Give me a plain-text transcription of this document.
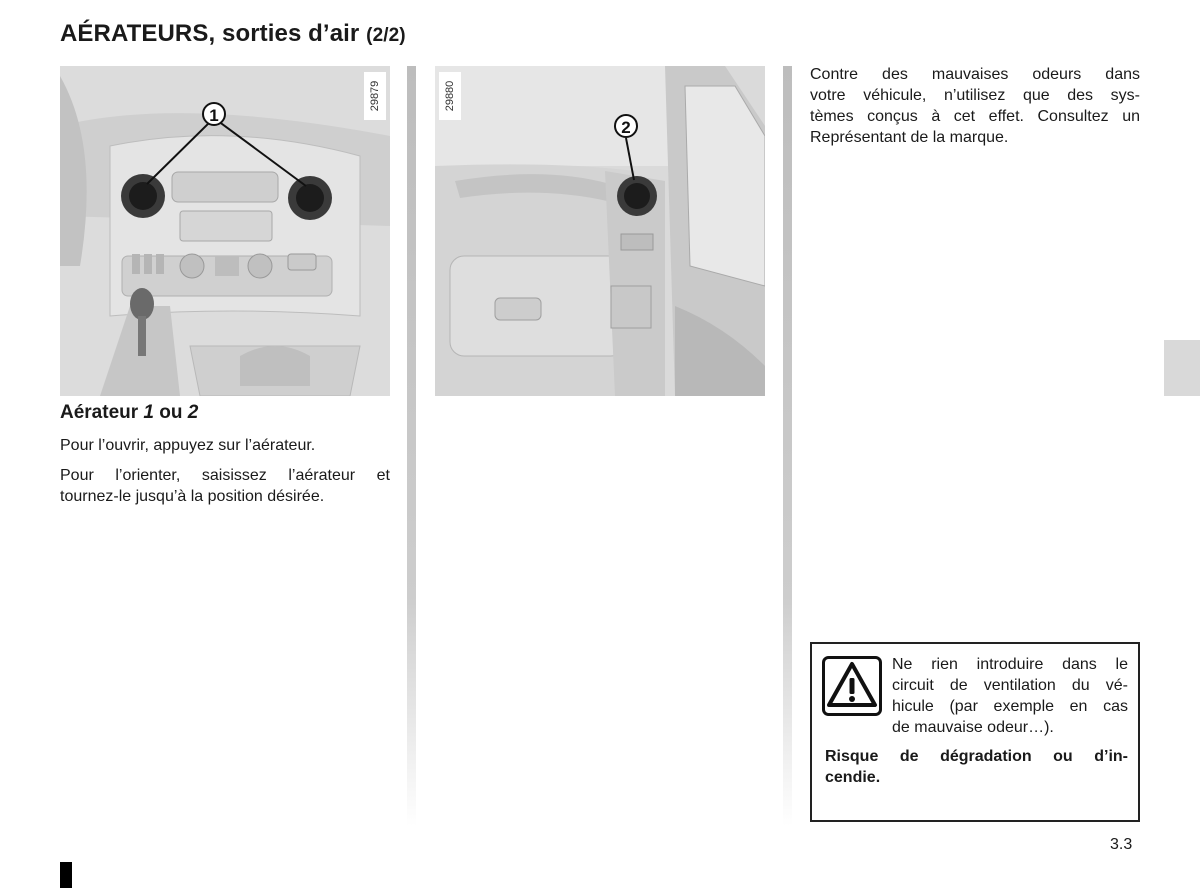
AÉRATEURS, sorties d’air (2/2)
1
29879
2
29880
Aérateur 1 ou 2
Pour l’ouvrir, appuyez sur l’aérateur.
Pour l’orienter, saisissez l’aérateur et
tournez-le jusqu’à la position désirée.
Contre des mauvaises odeurs dans
votre véhicule, n’utilisez que des sys-
tèmes conçus à cet effet. Consultez un
Représentant de la marque.
Ne rien introduire dans le
circuit de ventilation du vé-
hicule (par exemple en cas
de mauvaise odeur…).
Risque de dégradation ou d’in-
cendie.
3.3
